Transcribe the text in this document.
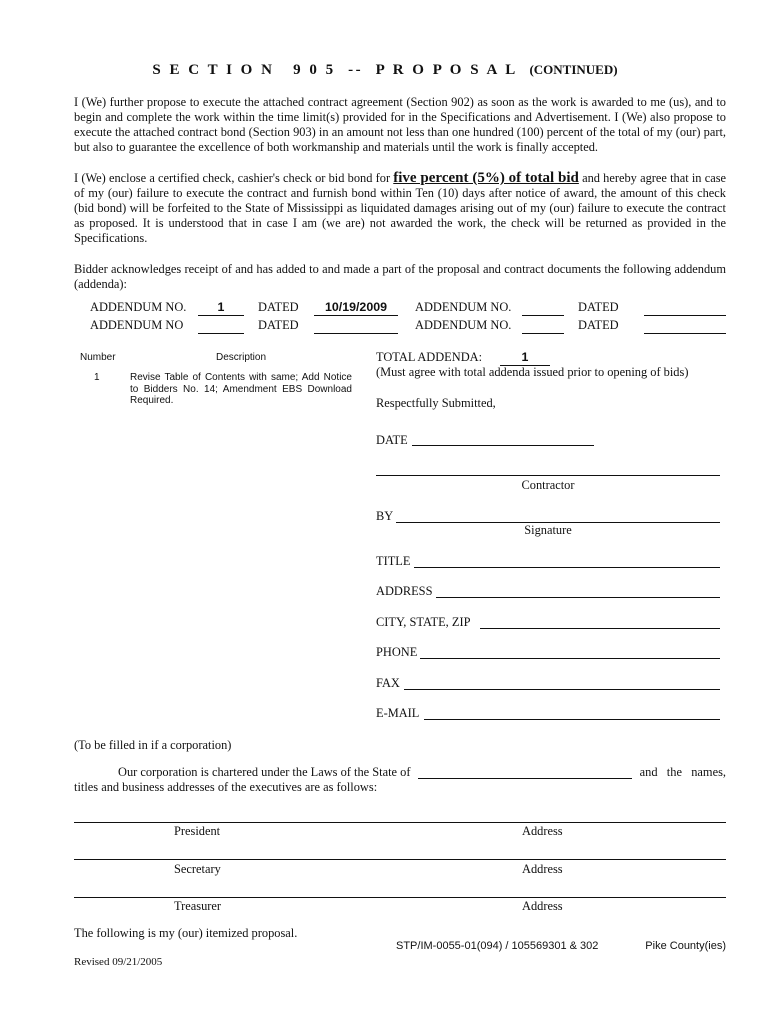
S E C T I O N   9 0 5  --  P R O P O S A L (CONTINUED)
I (We) further propose to execute the attached contract agreement (Section 902) as soon as the work is awarded to me (us), and to begin and complete the work within the time limit(s) provided for in the Specifications and Advertisement. I (We) also propose to execute the attached contract bond (Section 903) in an amount not less than one hundred (100) percent of the total of my (our) part, but also to guarantee the excellence of both workmanship and materials until the work is finally accepted.
I (We) enclose a certified check, cashier's check or bid bond for five percent (5%) of total bid and hereby agree that in case of my (our) failure to execute the contract and furnish bond within Ten (10) days after notice of award, the amount of this check (bid bond) will be forfeited to the State of Mississippi as liquidated damages arising out of my (our) failure to execute the contract as proposed. It is understood that in case I am (we are) not awarded the work, the check will be returned as provided in the Specifications.
Bidder acknowledges receipt of and has added to and made a part of the proposal and contract documents the following addendum (addenda):
ADDENDUM NO.	1	DATED	10/19/2009	ADDENDUM NO.	DATED
ADDENDUM NO	DATED	ADDENDUM NO.	DATED
Number	Description
1	Revise Table of Contents with same; Add Notice to Bidders No. 14; Amendment EBS Download Required.
TOTAL ADDENDA:	1
(Must agree with total addenda issued prior to opening of bids)
Respectfully Submitted,
DATE
Contractor
BY
Signature
TITLE
ADDRESS
CITY, STATE, ZIP
PHONE
FAX
E-MAIL
(To be filled in if a corporation)
Our corporation is chartered under the Laws of the State of	and   the   names,
titles and business addresses of the executives are as follows:
President	Address
Secretary	Address
Treasurer	Address
The following is my (our) itemized proposal.
STP/IM-0055-01(094) / 105569301 & 302	Pike County(ies)
Revised 09/21/2005
